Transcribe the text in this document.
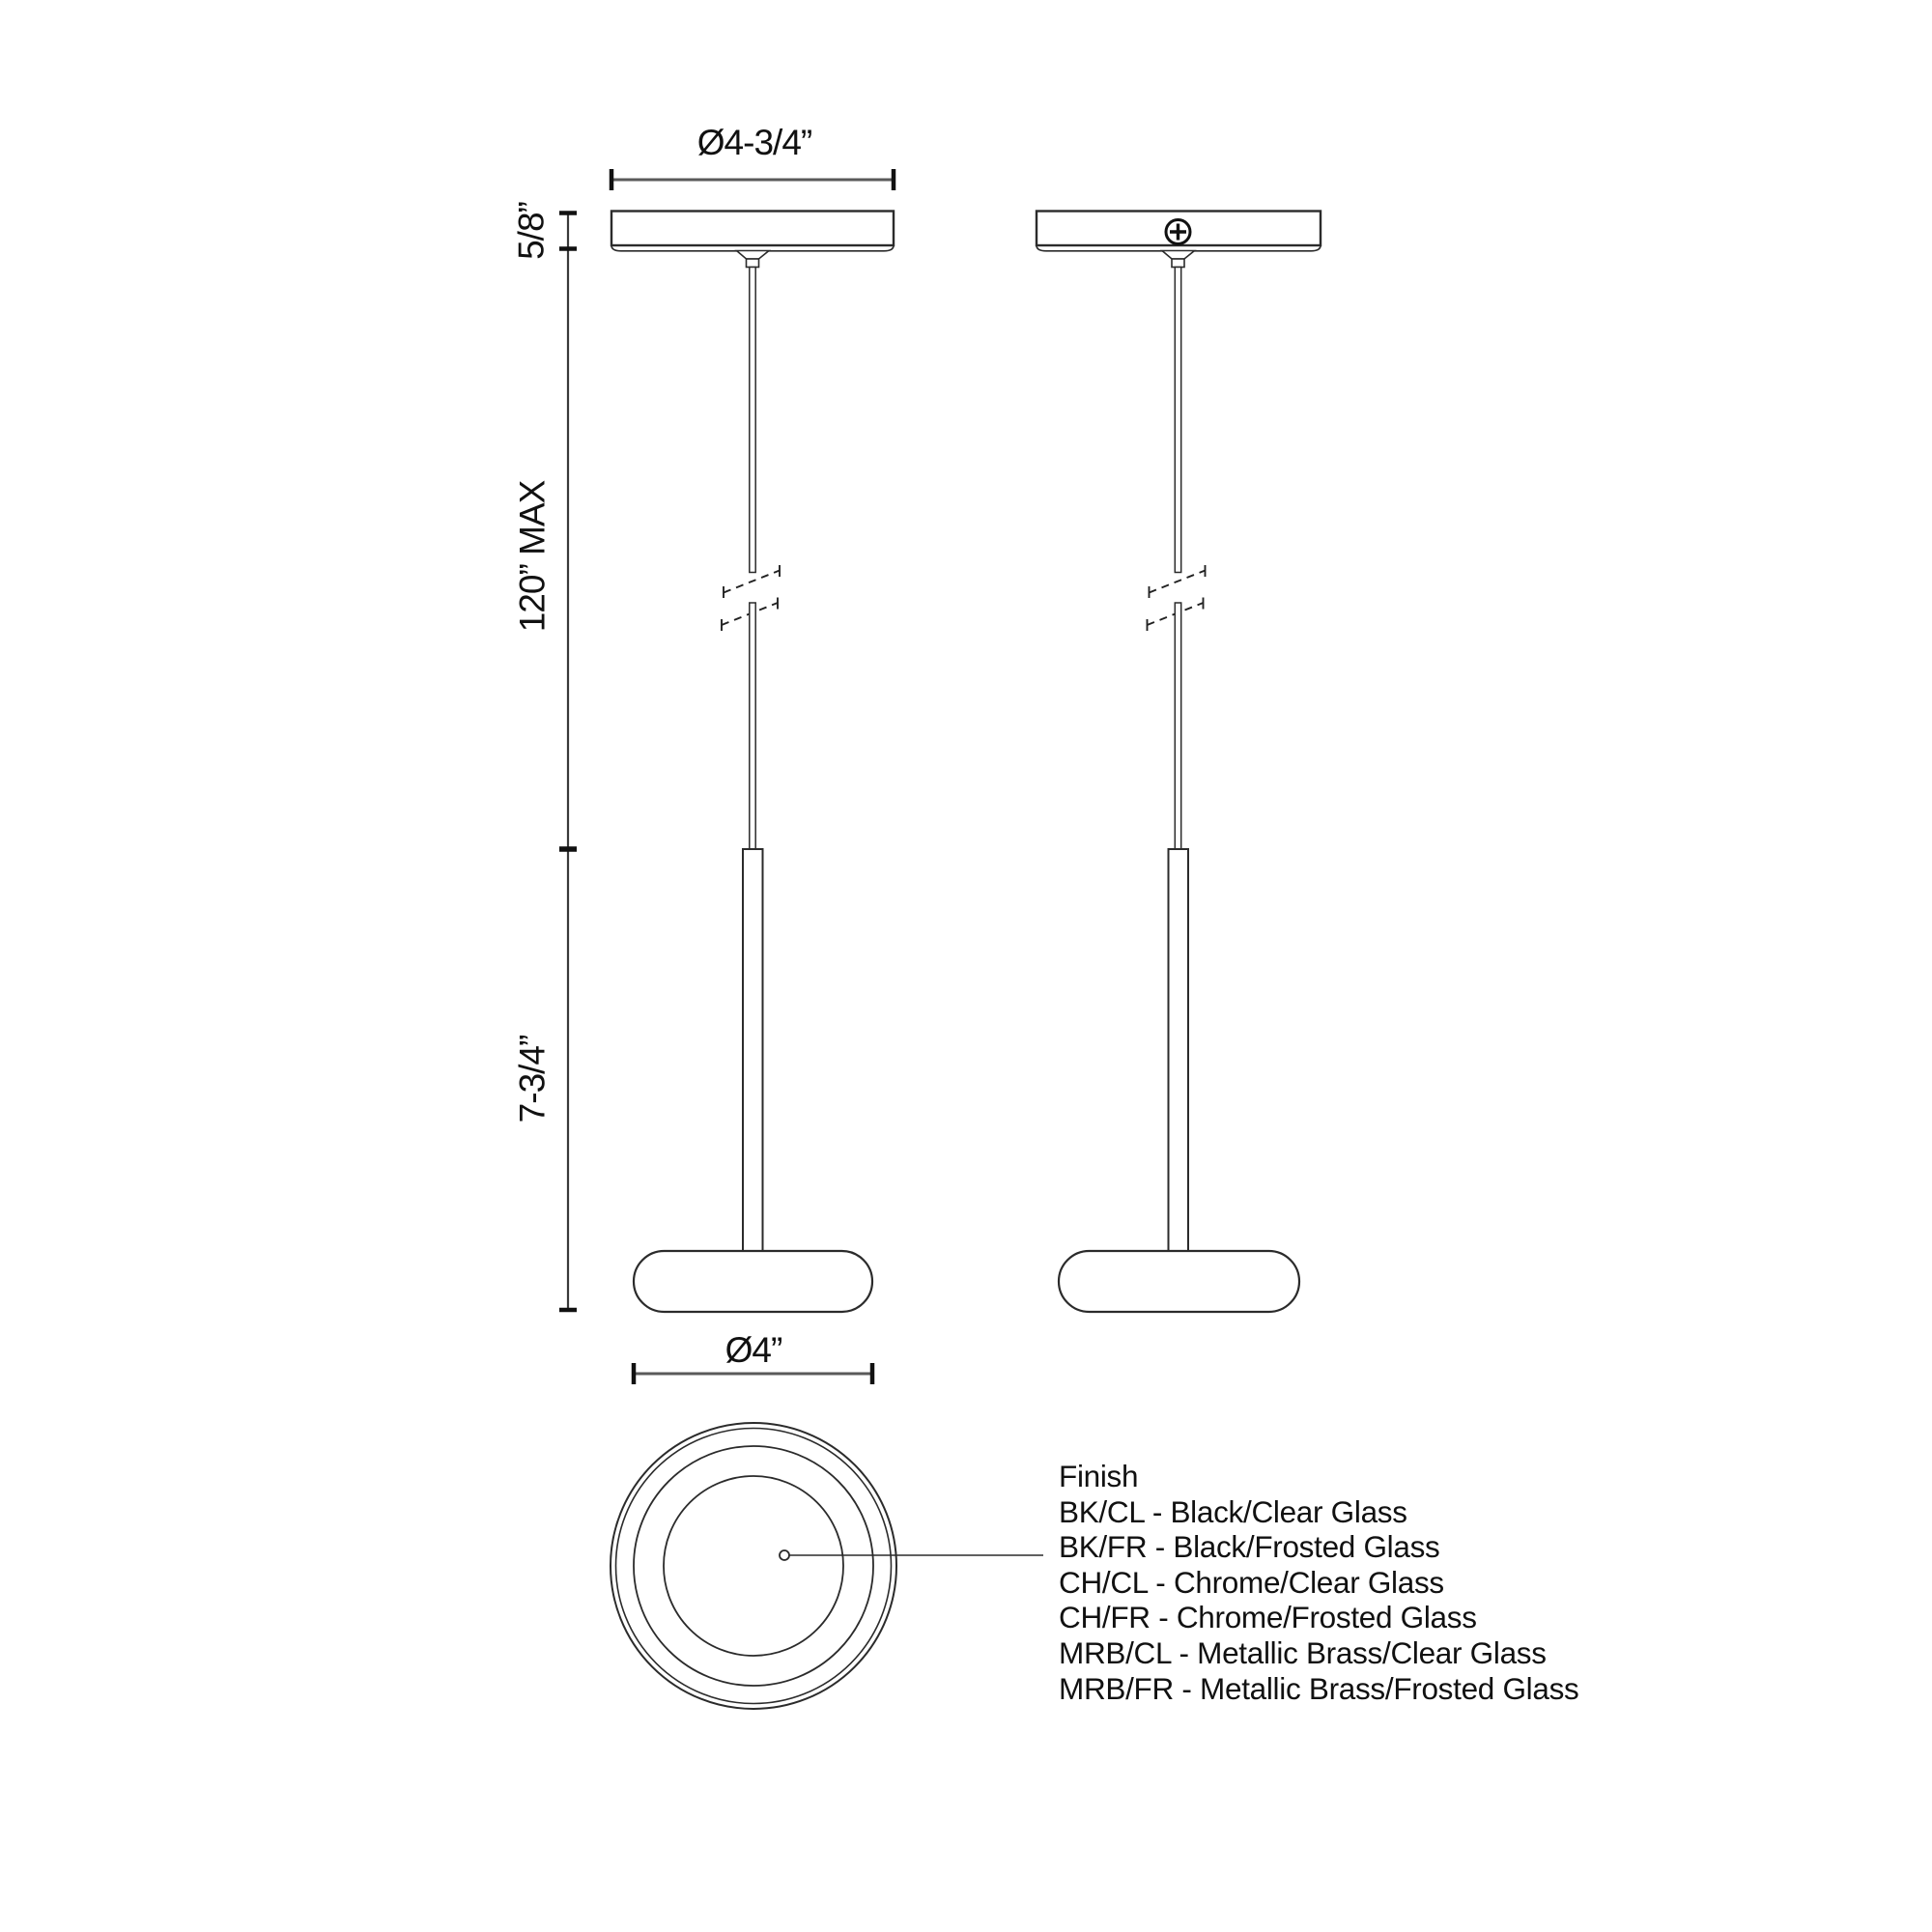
Ø4-3/4”
5/8”
120” MAX
7-3/4”
Ø4”
Finish
BK/CL - Black/Clear Glass
BK/FR - Black/Frosted Glass
CH/CL - Chrome/Clear Glass
CH/FR - Chrome/Frosted Glass
MRB/CL - Metallic Brass/Clear Glass
MRB/FR - Metallic Brass/Frosted Glass
